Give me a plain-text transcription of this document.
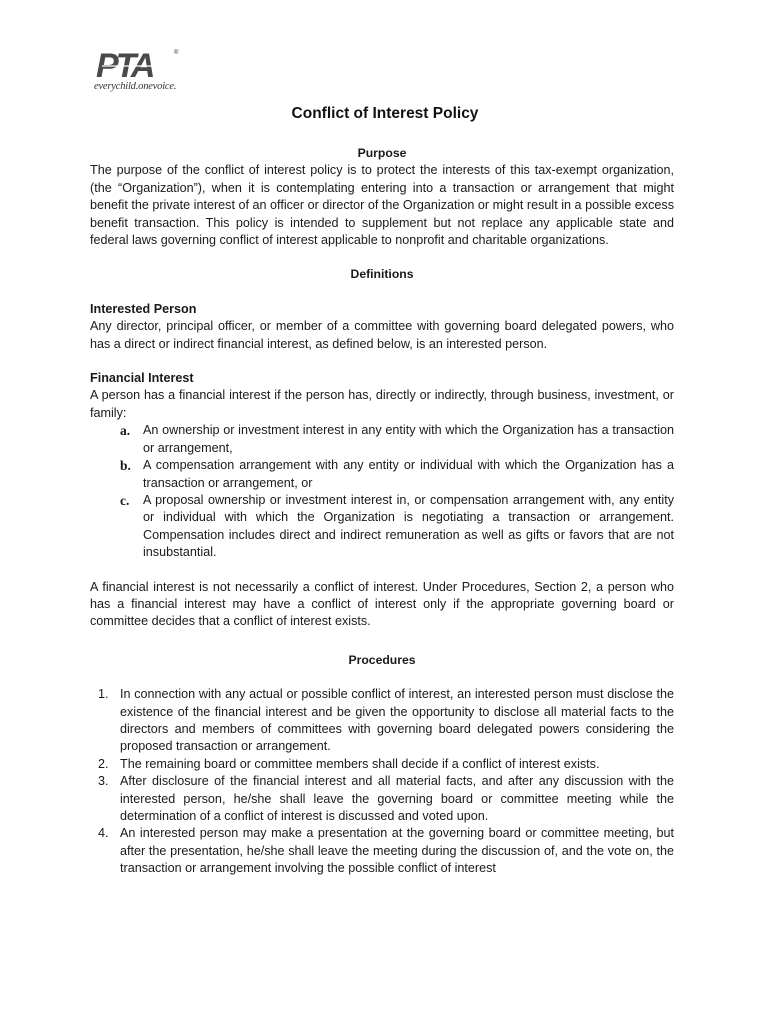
PTA	®
everychild.onevoice.
Conflict of Interest Policy
Purpose

The purpose of the conflict of interest policy is to protect the interests of this tax-exempt organization, (the “Organization”), when it is contemplating entering into a transaction or arrangement that might benefit the private interest of an officer or director of the Organization or might result in a possible excess benefit transaction. This policy is intended to supplement but not replace any applicable state and federal laws governing conflict of interest applicable to nonprofit and charitable organizations.

Definitions
Interested Person

Any director, principal officer, or member of a committee with governing board delegated powers, who has a direct or indirect financial interest, as defined below, is an interested person.

Financial Interest

A person has a financial interest if the person has, directly or indirectly, through business, investment, or family:

a. An ownership or investment interest in any entity with which the Organization has a transaction or arrangement,
b. A compensation arrangement with any entity or individual with which the Organization has a transaction or arrangement, or
c. A proposal ownership or investment interest in, or compensation arrangement with, any entity or individual with which the Organization is negotiating a transaction or arrangement. Compensation includes direct and indirect remuneration as well as gifts or favors that are not insubstantial.

A financial interest is not necessarily a conflict of interest. Under Procedures, Section 2, a person who has a financial interest may have a conflict of interest only if the appropriate governing board or committee decides that a conflict of interest exists.

Procedures
1. In connection with any actual or possible conflict of interest, an interested person must disclose the existence of the financial interest and be given the opportunity to disclose all material facts to the directors and members of committees with governing board delegated powers considering the proposed transaction or arrangement.
2. The remaining board or committee members shall decide if a conflict of interest exists.
3. After disclosure of the financial interest and all material facts, and after any discussion with the interested person, he/she shall leave the governing board or committee meeting while the determination of a conflict of interest is discussed and voted upon.
4. An interested person may make a presentation at the governing board or committee meeting, but after the presentation, he/she shall leave the meeting during the discussion of, and the vote on, the transaction or arrangement involving the possible conflict of interest
